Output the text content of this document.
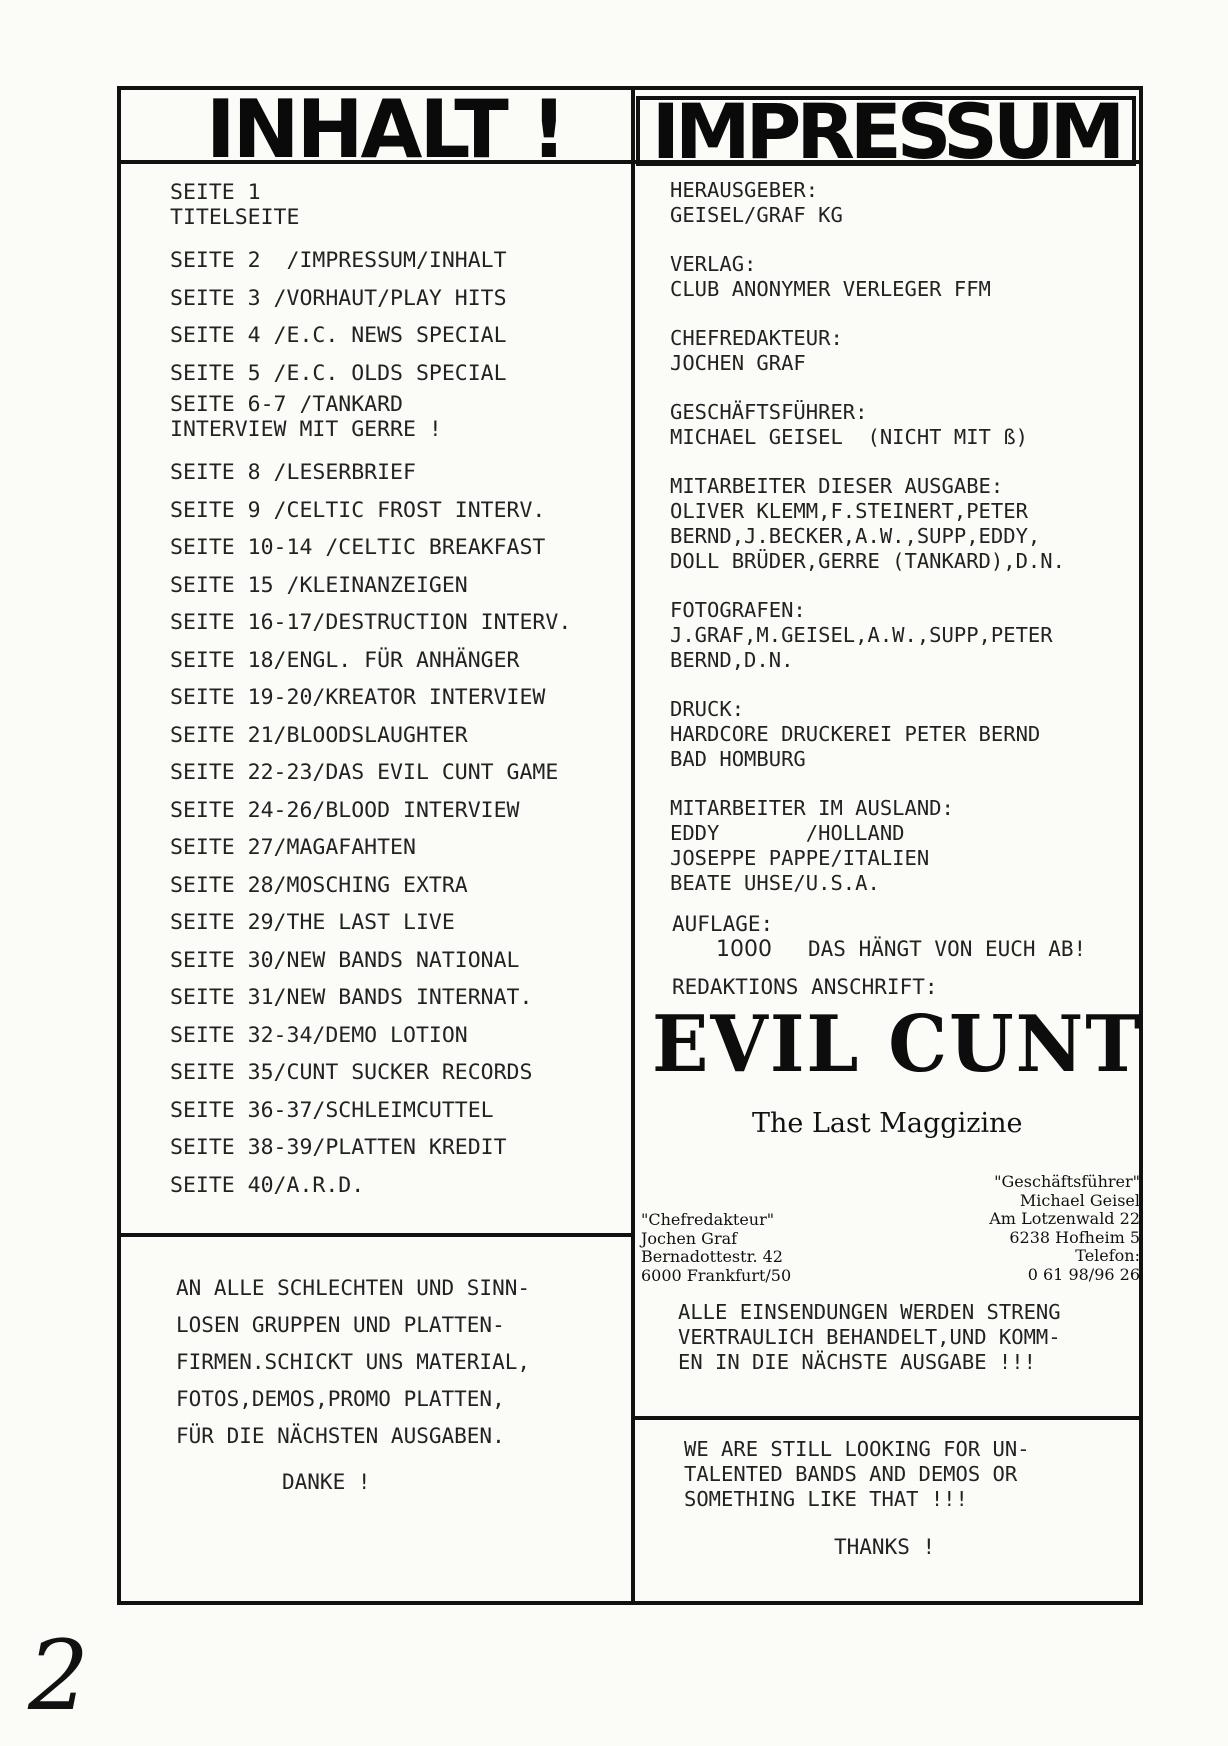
INHALT !	IMPRESSUM
SEITE 1
TITELSEITE
SEITE 2  /IMPRESSUM/INHALT
SEITE 3 /VORHAUT/PLAY HITS
SEITE 4 /E.C. NEWS SPECIAL
SEITE 5 /E.C. OLDS SPECIAL
SEITE 6-7 /TANKARD
INTERVIEW MIT GERRE !
SEITE 8 /LESERBRIEF
SEITE 9 /CELTIC FROST INTERV.
SEITE 10-14 /CELTIC BREAKFAST
SEITE 15 /KLEINANZEIGEN
SEITE 16-17/DESTRUCTION INTERV.
SEITE 18/ENGL. FÜR ANHÄNGER
SEITE 19-20/KREATOR INTERVIEW
SEITE 21/BLOODSLAUGHTER
SEITE 22-23/DAS EVIL CUNT GAME
SEITE 24-26/BLOOD INTERVIEW
SEITE 27/MAGAFAHTEN
SEITE 28/MOSCHING EXTRA
SEITE 29/THE LAST LIVE
SEITE 30/NEW BANDS NATIONAL
SEITE 31/NEW BANDS INTERNAT.
SEITE 32-34/DEMO LOTION
SEITE 35/CUNT SUCKER RECORDS
SEITE 36-37/SCHLEIMCUTTEL
SEITE 38-39/PLATTEN KREDIT
SEITE 40/A.R.D.
HERAUSGEBER:
GEISEL/GRAF KG
VERLAG:
CLUB ANONYMER VERLEGER FFM
CHEFREDAKTEUR:
JOCHEN GRAF
GESCHÄFTSFÜHRER:
MICHAEL GEISEL  (NICHT MIT ß)
MITARBEITER DIESER AUSGABE:
OLIVER KLEMM,F.STEINERT,PETER
BERND,J.BECKER,A.W.,SUPP,EDDY,
DOLL BRÜDER,GERRE (TANKARD),D.N.
FOTOGRAFEN:
J.GRAF,M.GEISEL,A.W.,SUPP,PETER
BERND,D.N.
DRUCK:
HARDCORE DRUCKEREI PETER BERND
BAD HOMBURG
MITARBEITER IM AUSLAND:
EDDY       /HOLLAND
JOSEPPE PAPPE/ITALIEN
BEATE UHSE/U.S.A.
AUFLAGE:
1000 DAS HÄNGT VON EUCH AB!
REDAKTIONS ANSCHRIFT:
EVIL CUNT
The Last Maggizine
"Chefredakteur"
Jochen Graf
Bernadottestr. 42
6000 Frankfurt/50
"Geschäftsführer"
Michael Geisel
Am Lotzenwald 22
6238 Hofheim 5
Telefon:
0 61 98/96 26
ALLE EINSENDUNGEN WERDEN STRENG
VERTRAULICH BEHANDELT,UND KOMM-
EN IN DIE NÄCHSTE AUSGABE !!!
AN ALLE SCHLECHTEN UND SINN-
LOSEN GRUPPEN UND PLATTEN-
FIRMEN.SCHICKT UNS MATERIAL,
FOTOS,DEMOS,PROMO PLATTEN,
FÜR DIE NÄCHSTEN AUSGABEN.
DANKE !
WE ARE STILL LOOKING FOR UN-
TALENTED BANDS AND DEMOS OR
SOMETHING LIKE THAT !!!
THANKS !
2
